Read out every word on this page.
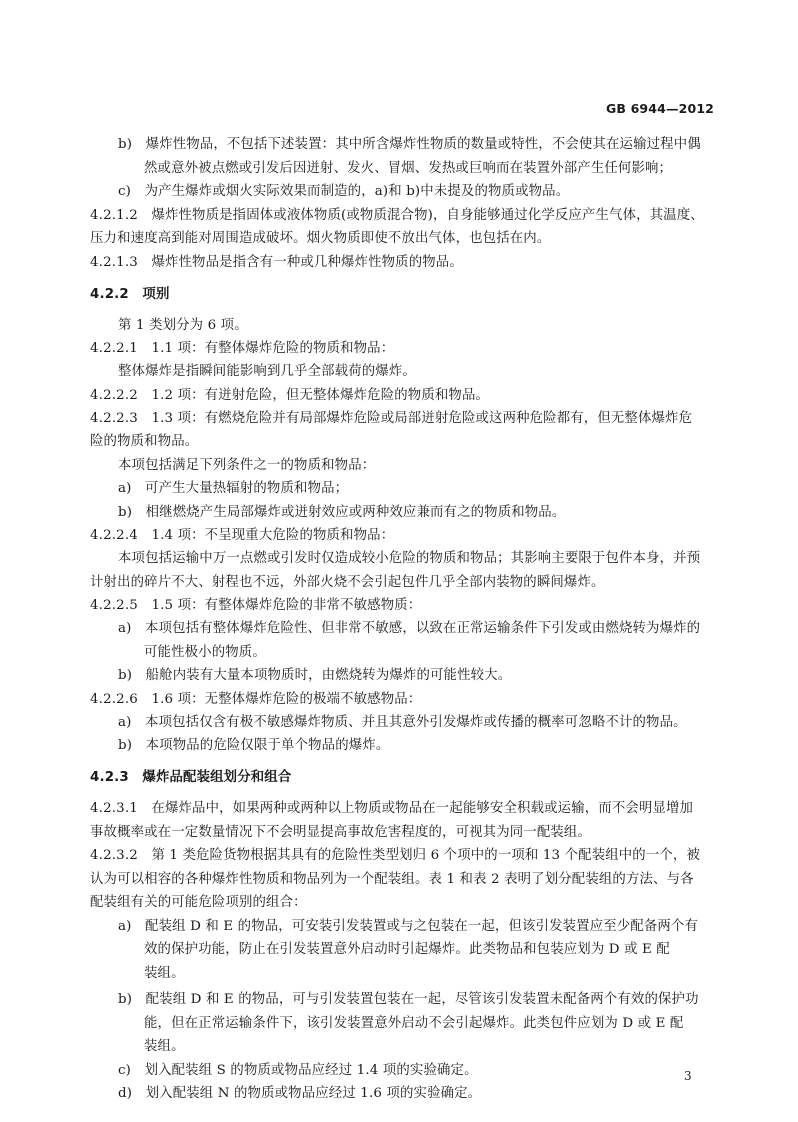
GB 6944—2012
b)　爆炸性物品，不包括下述装置：其中所含爆炸性物质的数量或特性，不会使其在运输过程中偶
然或意外被点燃或引发后因迸射、发火、冒烟、发热或巨响而在装置外部产生任何影响；
c)　为产生爆炸或烟火实际效果而制造的，a)和 b)中未提及的物质或物品。
4.2.1.2　爆炸性物质是指固体或液体物质(或物质混合物)，自身能够通过化学反应产生气体，其温度、
压力和速度高到能对周围造成破坏。烟火物质即使不放出气体，也包括在内。
4.2.1.3　爆炸性物品是指含有一种或几种爆炸性物质的物品。
4.2.2　项别
第 1 类划分为 6 项。
4.2.2.1　1.1 项：有整体爆炸危险的物质和物品：
整体爆炸是指瞬间能影响到几乎全部载荷的爆炸。
4.2.2.2　1.2 项：有迸射危险，但无整体爆炸危险的物质和物品。
4.2.2.3　1.3 项：有燃烧危险并有局部爆炸危险或局部迸射危险或这两种危险都有，但无整体爆炸危
险的物质和物品。
本项包括满足下列条件之一的物质和物品：
a)　可产生大量热辐射的物质和物品；
b)　相继燃烧产生局部爆炸或迸射效应或两种效应兼而有之的物质和物品。
4.2.2.4　1.4 项：不呈现重大危险的物质和物品：
本项包括运输中万一点燃或引发时仅造成较小危险的物质和物品；其影响主要限于包件本身，并预
计射出的碎片不大、射程也不远，外部火烧不会引起包件几乎全部内装物的瞬间爆炸。
4.2.2.5　1.5 项：有整体爆炸危险的非常不敏感物质：
a)　本项包括有整体爆炸危险性、但非常不敏感，以致在正常运输条件下引发或由燃烧转为爆炸的
可能性极小的物质。
b)　船舱内装有大量本项物质时，由燃烧转为爆炸的可能性较大。
4.2.2.6　1.6 项：无整体爆炸危险的极端不敏感物品：
a)　本项包括仅含有极不敏感爆炸物质、并且其意外引发爆炸或传播的概率可忽略不计的物品。
b)　本项物品的危险仅限于单个物品的爆炸。
4.2.3　爆炸品配装组划分和组合
4.2.3.1　在爆炸品中，如果两种或两种以上物质或物品在一起能够安全积载或运输，而不会明显增加
事故概率或在一定数量情况下不会明显提高事故危害程度的，可视其为同一配装组。
4.2.3.2　第 1 类危险货物根据其具有的危险性类型划归 6 个项中的一项和 13 个配装组中的一个，被
认为可以相容的各种爆炸性物质和物品列为一个配装组。表 1 和表 2 表明了划分配装组的方法、与各
配装组有关的可能危险项别的组合：
a)　配装组 D 和 E 的物品，可安装引发装置或与之包装在一起，但该引发装置应至少配备两个有
效的保护功能，防止在引发装置意外启动时引起爆炸。此类物品和包装应划为 D 或 E 配
装组。
b)　配装组 D 和 E 的物品，可与引发装置包装在一起，尽管该引发装置未配备两个有效的保护功
能，但在正常运输条件下，该引发装置意外启动不会引起爆炸。此类包件应划为 D 或 E 配
装组。
c)　划入配装组 S 的物质或物品应经过 1.4 项的实验确定。
d)　划入配装组 N 的物质或物品应经过 1.6 项的实验确定。
3
